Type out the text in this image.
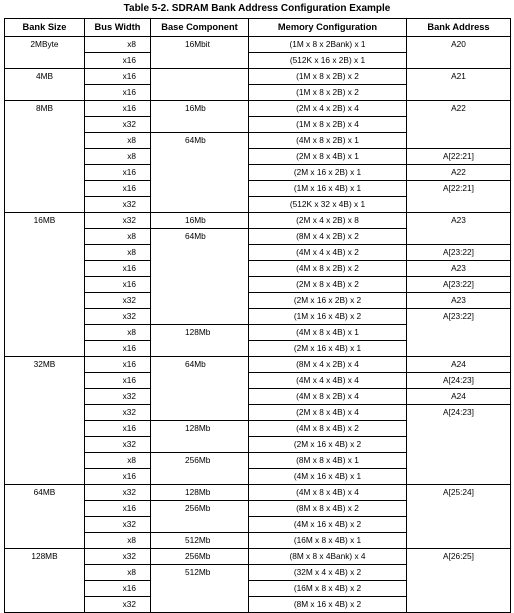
Table 5-2. SDRAM Bank Address Configuration Example
Bank Size	Bus Width	Base Component	Memory Configuration	Bank Address
2MByte	x8	16Mbit	(1M x 8 x 2Bank) x 1	A20
	x16		(512K x 16 x 2B) x 1	
4MB	x16		(1M x 8 x 2B) x 2	A21
	x16		(1M x 8 x 2B) x 2	
8MB	x16	16Mb	(2M x 4 x 2B) x 4	A22
	x32		(1M x 8 x 2B) x 4	
	x8	64Mb	(4M x 8 x 2B) x 1	
	x8		(2M x 8 x 4B) x 1	A[22:21]
	x16		(2M x 16 x 2B) x 1	A22
	x16		(1M x 16 x 4B) x 1	A[22:21]
	x32		(512K x 32 x 4B) x 1	
16MB	x32	16Mb	(2M x 4 x 2B) x 8	A23
	x8	64Mb	(8M x 4 x 2B) x 2	
	x8		(4M x 4 x 4B) x 2	A[23:22]
	x16		(4M x 8 x 2B) x 2	A23
	x16		(2M x 8 x 4B) x 2	A[23:22]
	x32		(2M x 16 x 2B) x 2	A23
	x32		(1M x 16 x 4B) x 2	A[23:22]
	x8	128Mb	(4M x 8 x 4B) x 1	
	x16		(2M x 16 x 4B) x 1	
32MB	x16	64Mb	(8M x 4 x 2B) x 4	A24
	x16		(4M x 4 x 4B) x 4	A[24:23]
	x32		(4M x 8 x 2B) x 4	A24
	x32		(2M x 8 x 4B) x 4	A[24:23]
	x16	128Mb	(4M x 8 x 4B) x 2	
	x32		(2M x 16 x 4B) x 2	
	x8	256Mb	(8M x 8 x 4B) x 1	
	x16		(4M x 16 x 4B) x 1	
64MB	x32	128Mb	(4M x 8 x 4B) x 4	A[25:24]
	x16	256Mb	(8M x 8 x 4B) x 2	
	x32		(4M x 16 x 4B) x 2	
	x8	512Mb	(16M x 8 x 4B) x 1	
128MB	x32	256Mb	(8M x 8 x 4Bank) x 4	A[26:25]
	x8	512Mb	(32M x 4 x 4B) x 2	
	x16		(16M x 8 x 4B) x 2	
	x32		(8M x 16 x 4B) x 2	
